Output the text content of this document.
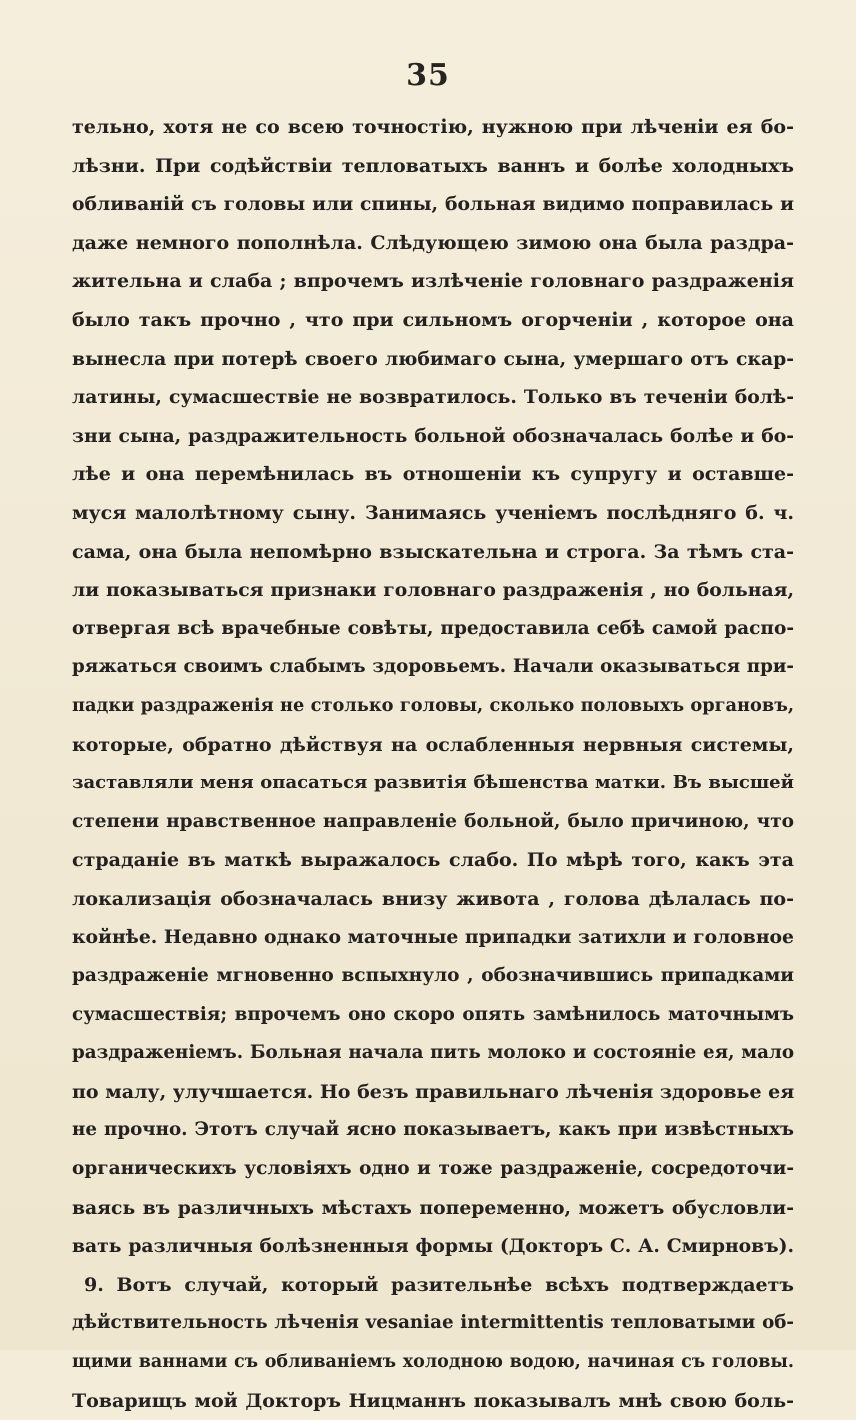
35
тельно, хотя не со всею точностію, нужною при лѣченіи ея бо-
лѣзни. При содѣйствіи тепловатыхъ ваннъ и болѣе холодныхъ
обливаній съ головы или спины, больная видимо поправилась и
даже немного пополнѣла. Слѣдующею зимою она была раздра-
жительна и слаба ; впрочемъ излѣченіе головнаго раздраженія
было такъ прочно , что при сильномъ огорченіи , которое она
вынесла при потерѣ своего любимаго сына, умершаго отъ скар-
латины, сумасшествіе не возвратилось. Только въ теченіи болѣ-
зни сына, раздражительность больной обозначалась болѣе и бо-
лѣе и она перемѣнилась въ отношеніи къ супругу и оставше-
муся малолѣтному сыну. Занимаясь ученіемъ послѣдняго б. ч.
сама, она была непомѣрно взыскательна и строга. За тѣмъ ста-
ли показываться признаки головнаго раздраженія , но больная,
отвергая всѣ врачебные совѣты, предоставила себѣ самой распо-
ряжаться своимъ слабымъ здоровьемъ. Начали оказываться при-
падки раздраженія не столько головы, сколько половыхъ органовъ,
которые, обратно дѣйствуя на ослабленныя нервныя системы,
заставляли меня опасаться развитія бѣшенства матки. Въ высшей
степени нравственное направленіе больной, было причиною, что
страданіе въ маткѣ выражалось слабо. По мѣрѣ того, какъ эта
локализація обозначалась внизу живота , голова дѣлалась по-
койнѣе. Недавно однако маточные припадки затихли и головное
раздраженіе мгновенно вспыхнуло , обозначившись припадками
сумасшествія; впрочемъ оно скоро опять замѣнилось маточнымъ
раздраженіемъ. Больная начала пить молоко и состояніе ея, мало
по малу, улучшается. Но безъ правильнаго лѣченія здоровье ея
не прочно. Этотъ случай ясно показываетъ, какъ при извѣстныхъ
органическихъ условіяхъ одно и тоже раздраженіе, сосредоточи-
ваясь въ различныхъ мѣстахъ попеременно, можетъ обусловли-
вать различныя болѣзненныя формы (Докторъ С. А. Смирновъ).
9. Вотъ случай, который разительнѣе всѣхъ подтверждаетъ
дѣйствительность лѣченія vesaniae intermittentis тепловатыми об-
щими ваннами съ обливаніемъ холодною водою, начиная съ головы.
Товарищъ мой Докторъ Ницманнъ показывалъ мнѣ свою боль-
